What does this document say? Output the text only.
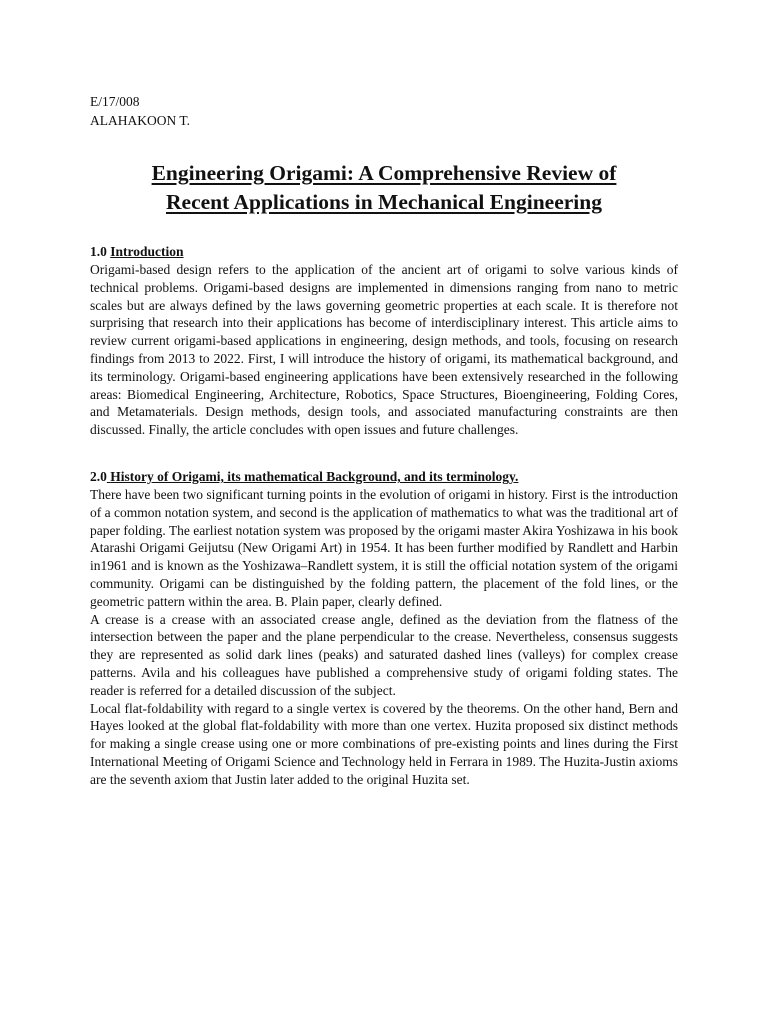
E/17/008

ALAHAKOON T.

Engineering Origami: A Comprehensive Review of
Recent Applications in Mechanical Engineering
1.0 Introduction

Origami-based design refers to the application of the ancient art of origami to solve various kinds of technical problems. Origami-based designs are implemented in dimensions ranging from nano to metric scales but are always defined by the laws governing geometric properties at each scale. It is therefore not surprising that research into their applications has become of interdisciplinary interest. This article aims to review current origami-based applications in engineering, design methods, and tools, focusing on research findings from 2013 to 2022. First, I will introduce the history of origami, its mathematical background, and its terminology. Origami-based engineering applications have been extensively researched in the following areas: Biomedical Engineering, Architecture, Robotics, Space Structures, Bioengineering, Folding Cores, and Metamaterials. Design methods, design tools, and associated manufacturing constraints are then discussed. Finally, the article concludes with open issues and future challenges.

2.0 History of Origami, its mathematical Background, and its terminology.

There have been two significant turning points in the evolution of origami in history. First is the introduction of a common notation system, and second is the application of mathematics to what was the traditional art of paper folding. The earliest notation system was proposed by the origami master Akira Yoshizawa in his book Atarashi Origami Geijutsu (New Origami Art) in 1954. It has been further modified by Randlett and Harbin in1961 and is known as the Yoshizawa–Randlett system, it is still the official notation system of the origami community. Origami can be distinguished by the folding pattern, the placement of the fold lines, or the geometric pattern within the area. B. Plain paper, clearly defined.

A crease is a crease with an associated crease angle, defined as the deviation from the flatness of the intersection between the paper and the plane perpendicular to the crease. Nevertheless, consensus suggests they are represented as solid dark lines (peaks) and saturated dashed lines (valleys) for complex crease patterns. Avila and his colleagues have published a comprehensive study of origami folding states. The reader is referred for a detailed discussion of the subject.

Local flat-foldability with regard to a single vertex is covered by the theorems. On the other hand, Bern and Hayes looked at the global flat-foldability with more than one vertex. Huzita proposed six distinct methods for making a single crease using one or more combinations of pre-existing points and lines during the First International Meeting of Origami Science and Technology held in Ferrara in 1989. The Huzita-Justin axioms are the seventh axiom that Justin later added to the original Huzita set.
